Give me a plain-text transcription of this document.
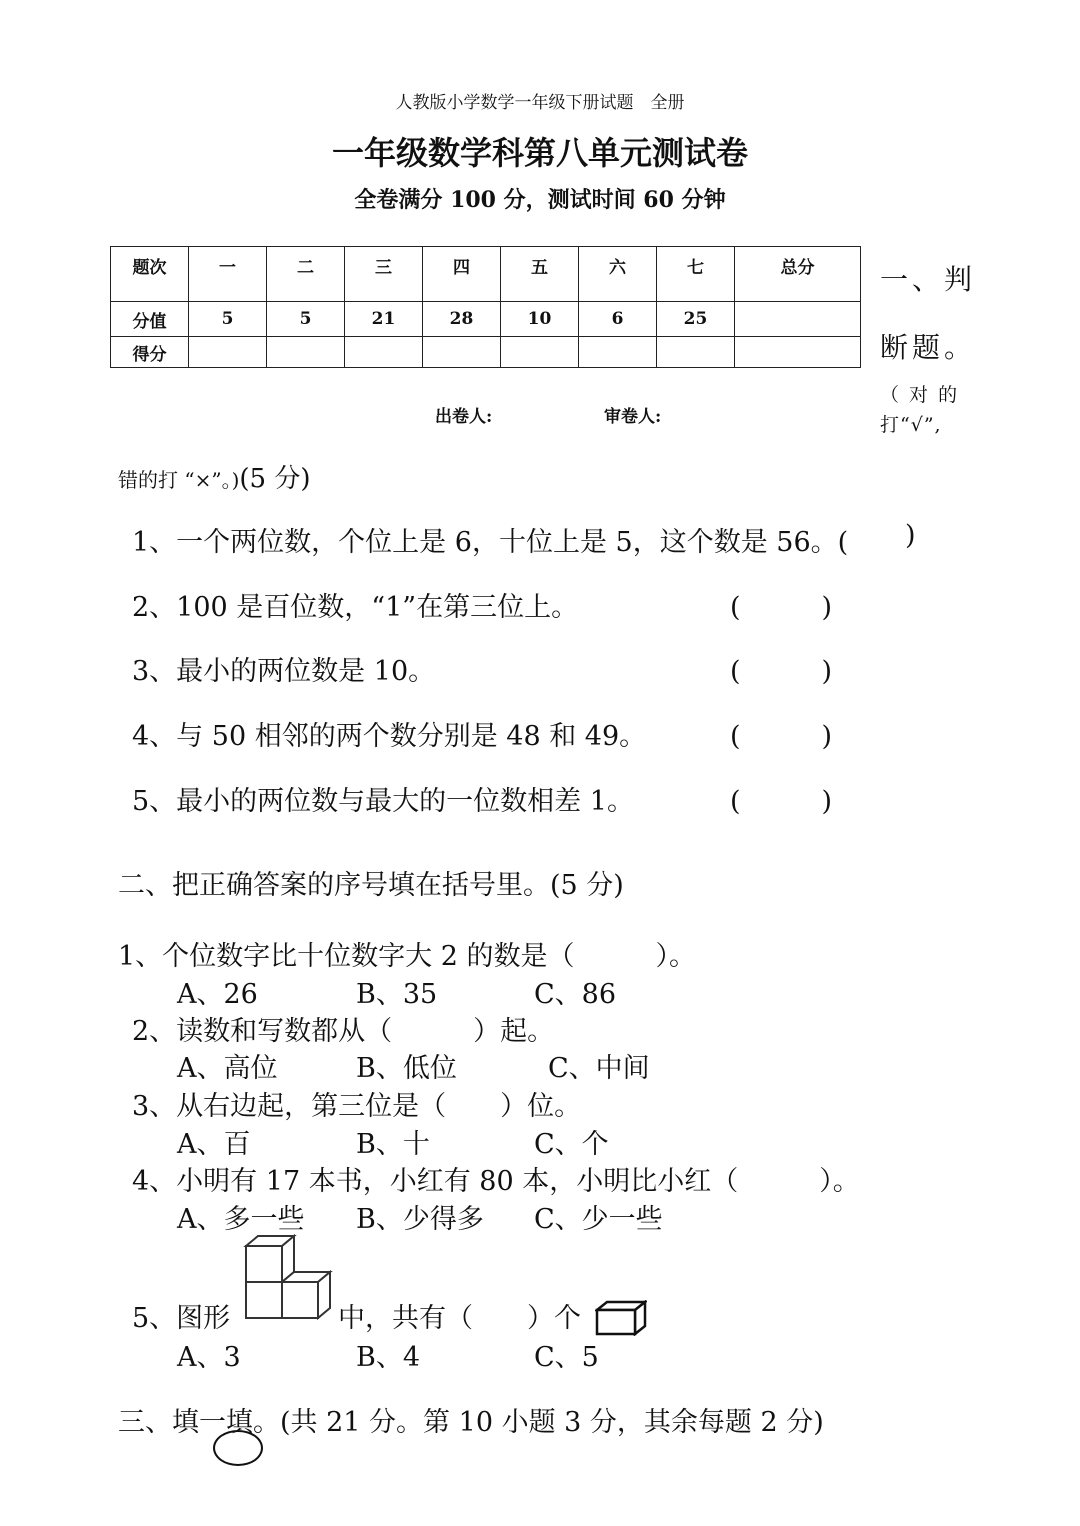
人教版小学数学一年级下册试题　全册
一年级数学科第八单元测试卷
全卷满分 100 分，测试时间 60 分钟
题次	一	二	三	四	五	六	七	总分
分值	5	5	21	28	10	6	25	
得分								
一、判
断题。
（ 对 的
打“√”,
出卷人:	审卷人:
错的打 “×”。)(5 分)
1、一个两位数，个位上是 6，十位上是 5，这个数是 56。( )
2、100 是百位数，“1”在第三位上。	(　　　)
3、最小的两位数是 10。	(　　　)
4、与 50 相邻的两个数分别是 48 和 49。	(　　　)
5、最小的两位数与最大的一位数相差 1。	(　　　)
二、把正确答案的序号填在括号里。(5 分)
1、个位数字比十位数字大 2 的数是（　　　）。
A、26	B、35	C、86
2、读数和写数都从（　　　）起。
A、高位	B、低位	C、中间
3、从右边起，第三位是（　　）位。
A、百	B、十	C、个
4、小明有 17 本书，小红有 80 本，小明比小红（　　　）。
A、多一些 B、少得多 C、少一些
5、图形	中，共有（　　）个
A、3	B、4	C、5
三、填一填。(共 21 分。第 10 小题 3 分，其余每题 2 分)
